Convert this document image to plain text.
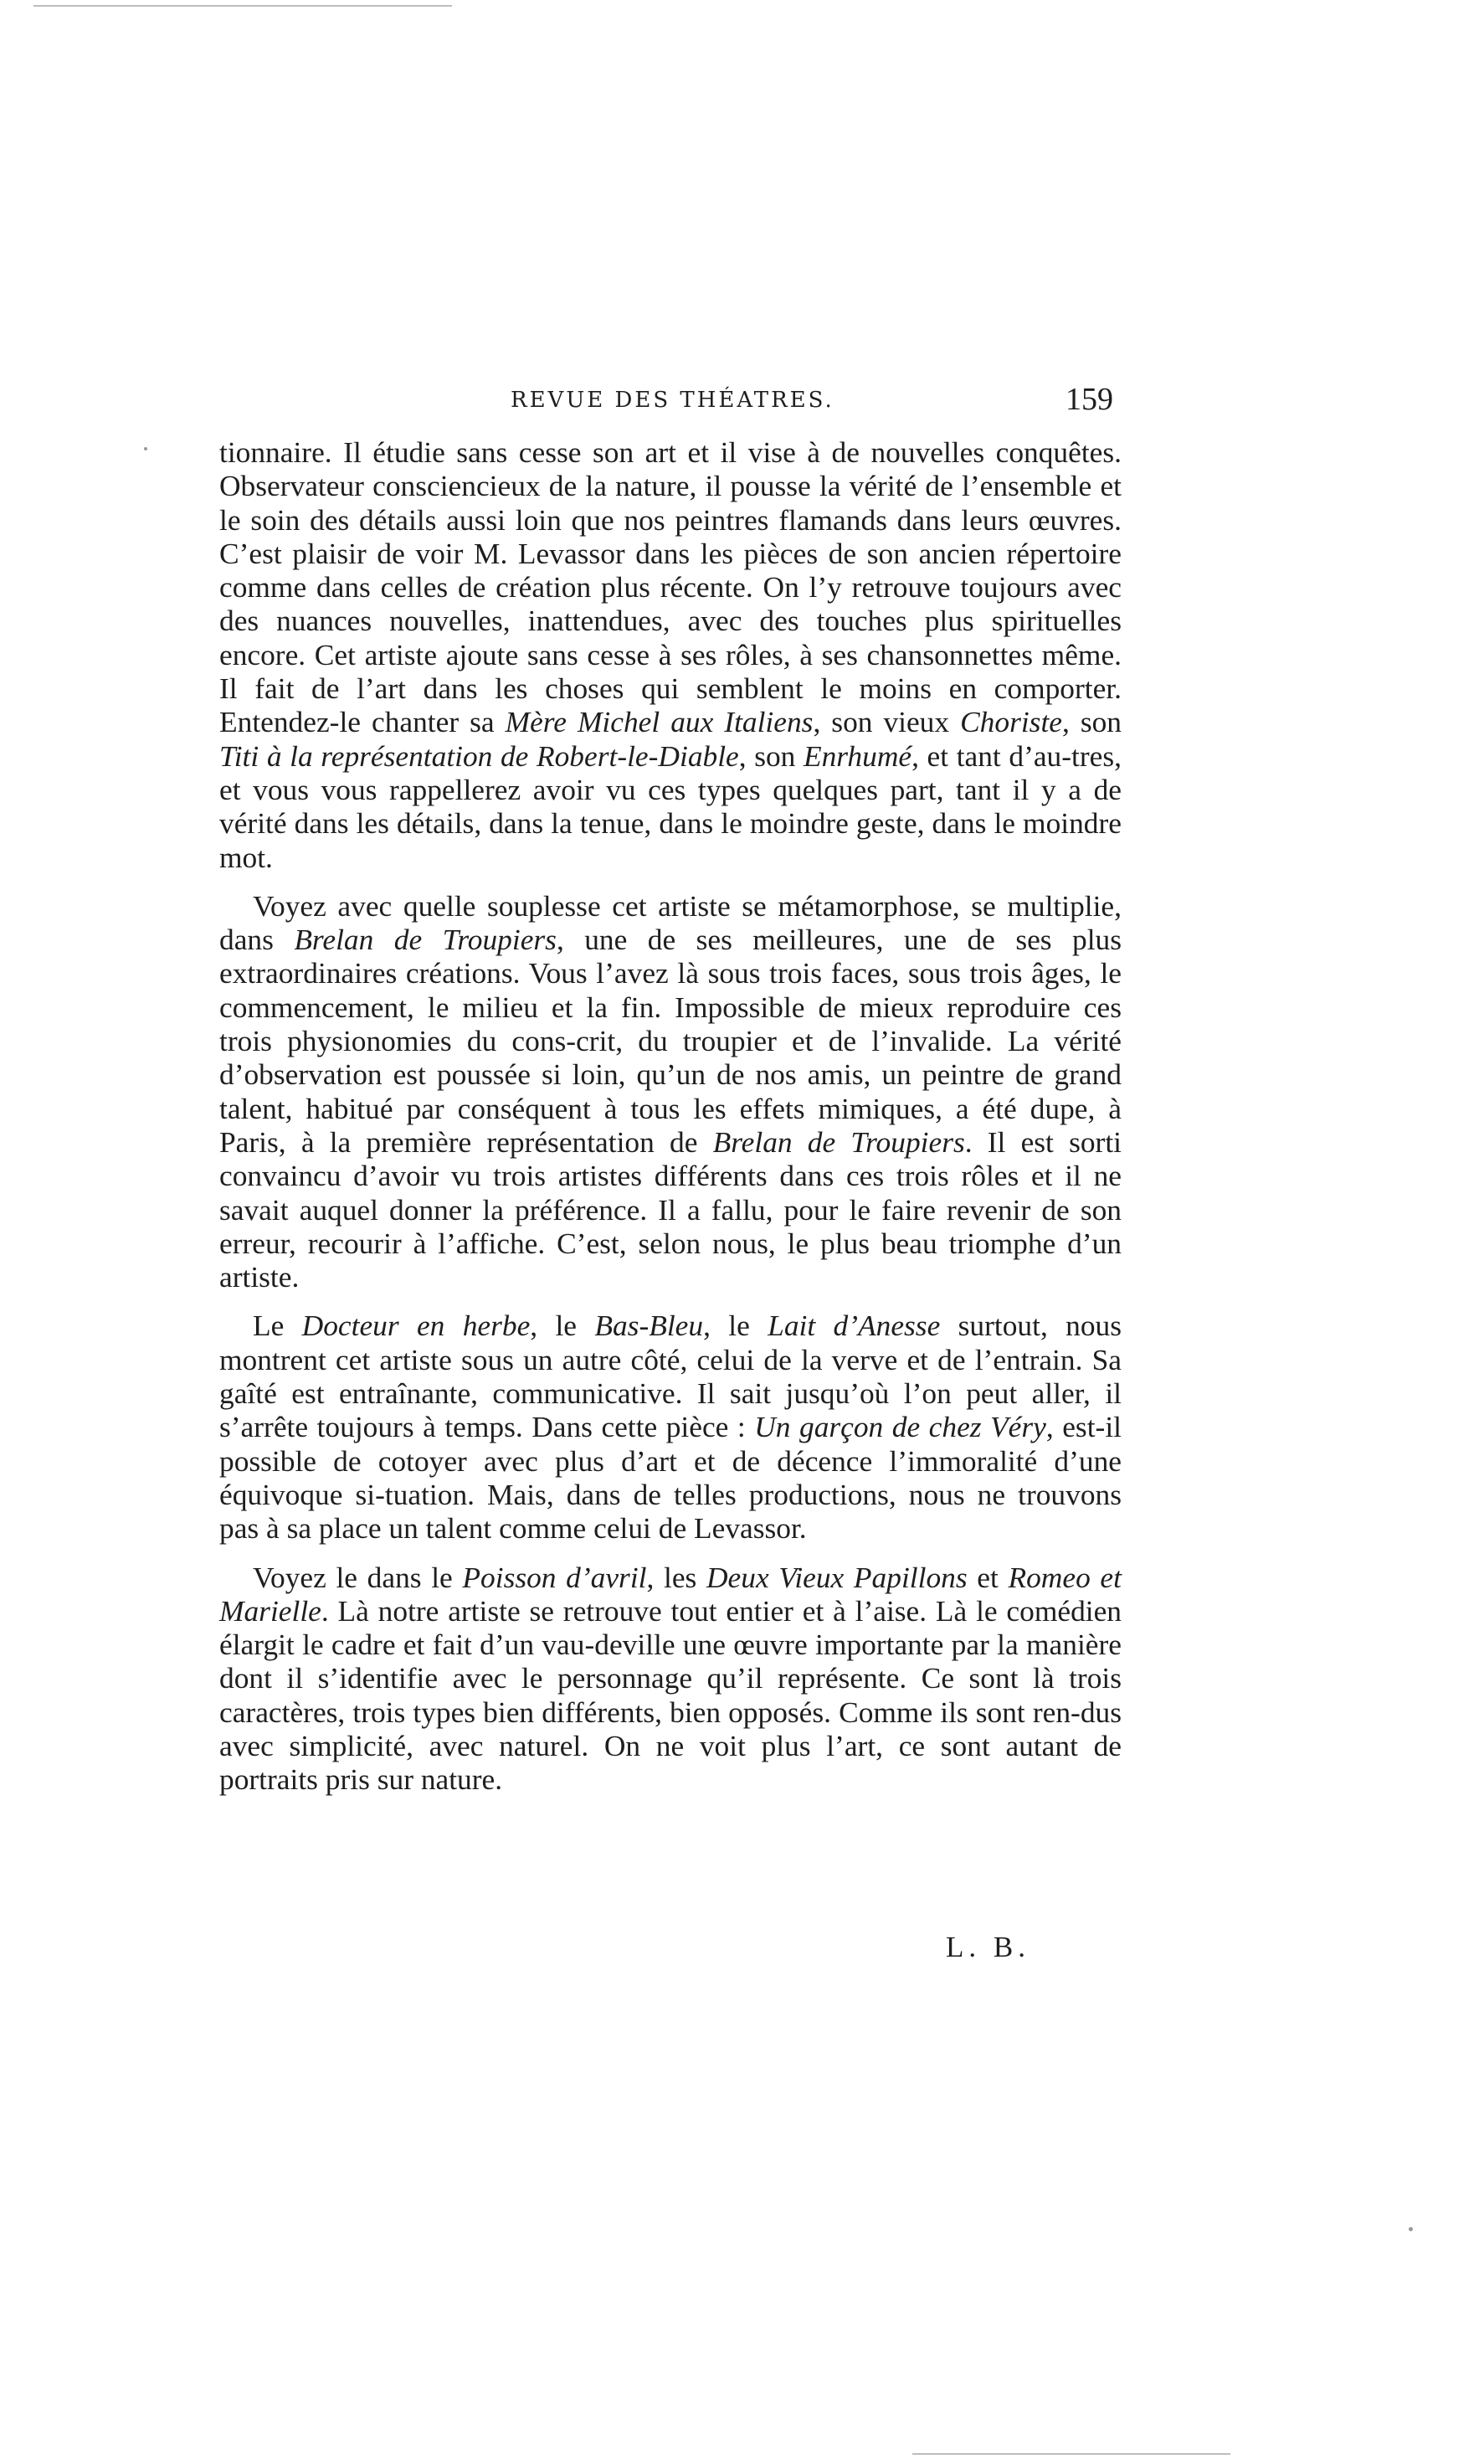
REVUE DES THÉATRES.	159

tionnaire. Il étudie sans cesse son art et il vise à de nouvelles conquêtes. Observateur consciencieux de la nature, il pousse la vérité de l’ensemble et le soin des détails aussi loin que nos peintres flamands dans leurs œuvres. C’est plaisir de voir M. Levassor dans les pièces de son ancien répertoire comme dans celles de création plus récente. On l’y retrouve toujours avec des nuances nouvelles, inattendues, avec des touches plus spirituelles encore. Cet artiste ajoute sans cesse à ses rôles, à ses chansonnettes même. Il fait de l’art dans les choses qui semblent le moins en comporter. Entendez-le chanter sa Mère Michel aux Italiens, son vieux Choriste, son Titi à la représentation de Robert-le-Diable, son Enrhumé, et tant d’au-tres, et vous vous rappellerez avoir vu ces types quelques part, tant il y a de vérité dans les détails, dans la tenue, dans le moindre geste, dans le moindre mot.

Voyez avec quelle souplesse cet artiste se métamorphose, se multiplie, dans Brelan de Troupiers, une de ses meilleures, une de ses plus extraordinaires créations. Vous l’avez là sous trois faces, sous trois âges, le commencement, le milieu et la fin. Impossible de mieux reproduire ces trois physionomies du cons-crit, du troupier et de l’invalide. La vérité d’observation est poussée si loin, qu’un de nos amis, un peintre de grand talent, habitué par conséquent à tous les effets mimiques, a été dupe, à Paris, à la première représentation de Brelan de Troupiers. Il est sorti convaincu d’avoir vu trois artistes différents dans ces trois rôles et il ne savait auquel donner la préférence. Il a fallu, pour le faire revenir de son erreur, recourir à l’affiche. C’est, selon nous, le plus beau triomphe d’un artiste.

Le Docteur en herbe, le Bas-Bleu, le Lait d’Anesse surtout, nous montrent cet artiste sous un autre côté, celui de la verve et de l’entrain. Sa gaîté est entraînante, communicative. Il sait jusqu’où l’on peut aller, il s’arrête toujours à temps. Dans cette pièce : Un garçon de chez Véry, est-il possible de cotoyer avec plus d’art et de décence l’immoralité d’une équivoque si-tuation. Mais, dans de telles productions, nous ne trouvons pas à sa place un talent comme celui de Levassor.

Voyez le dans le Poisson d’avril, les Deux Vieux Papillons et Romeo et Marielle. Là notre artiste se retrouve tout entier et à l’aise. Là le comédien élargit le cadre et fait d’un vau-deville une œuvre importante par la manière dont il s’identifie avec le personnage qu’il représente. Ce sont là trois caractères, trois types bien différents, bien opposés. Comme ils sont ren-dus avec simplicité, avec naturel. On ne voit plus l’art, ce sont autant de portraits pris sur nature.

L. B.
